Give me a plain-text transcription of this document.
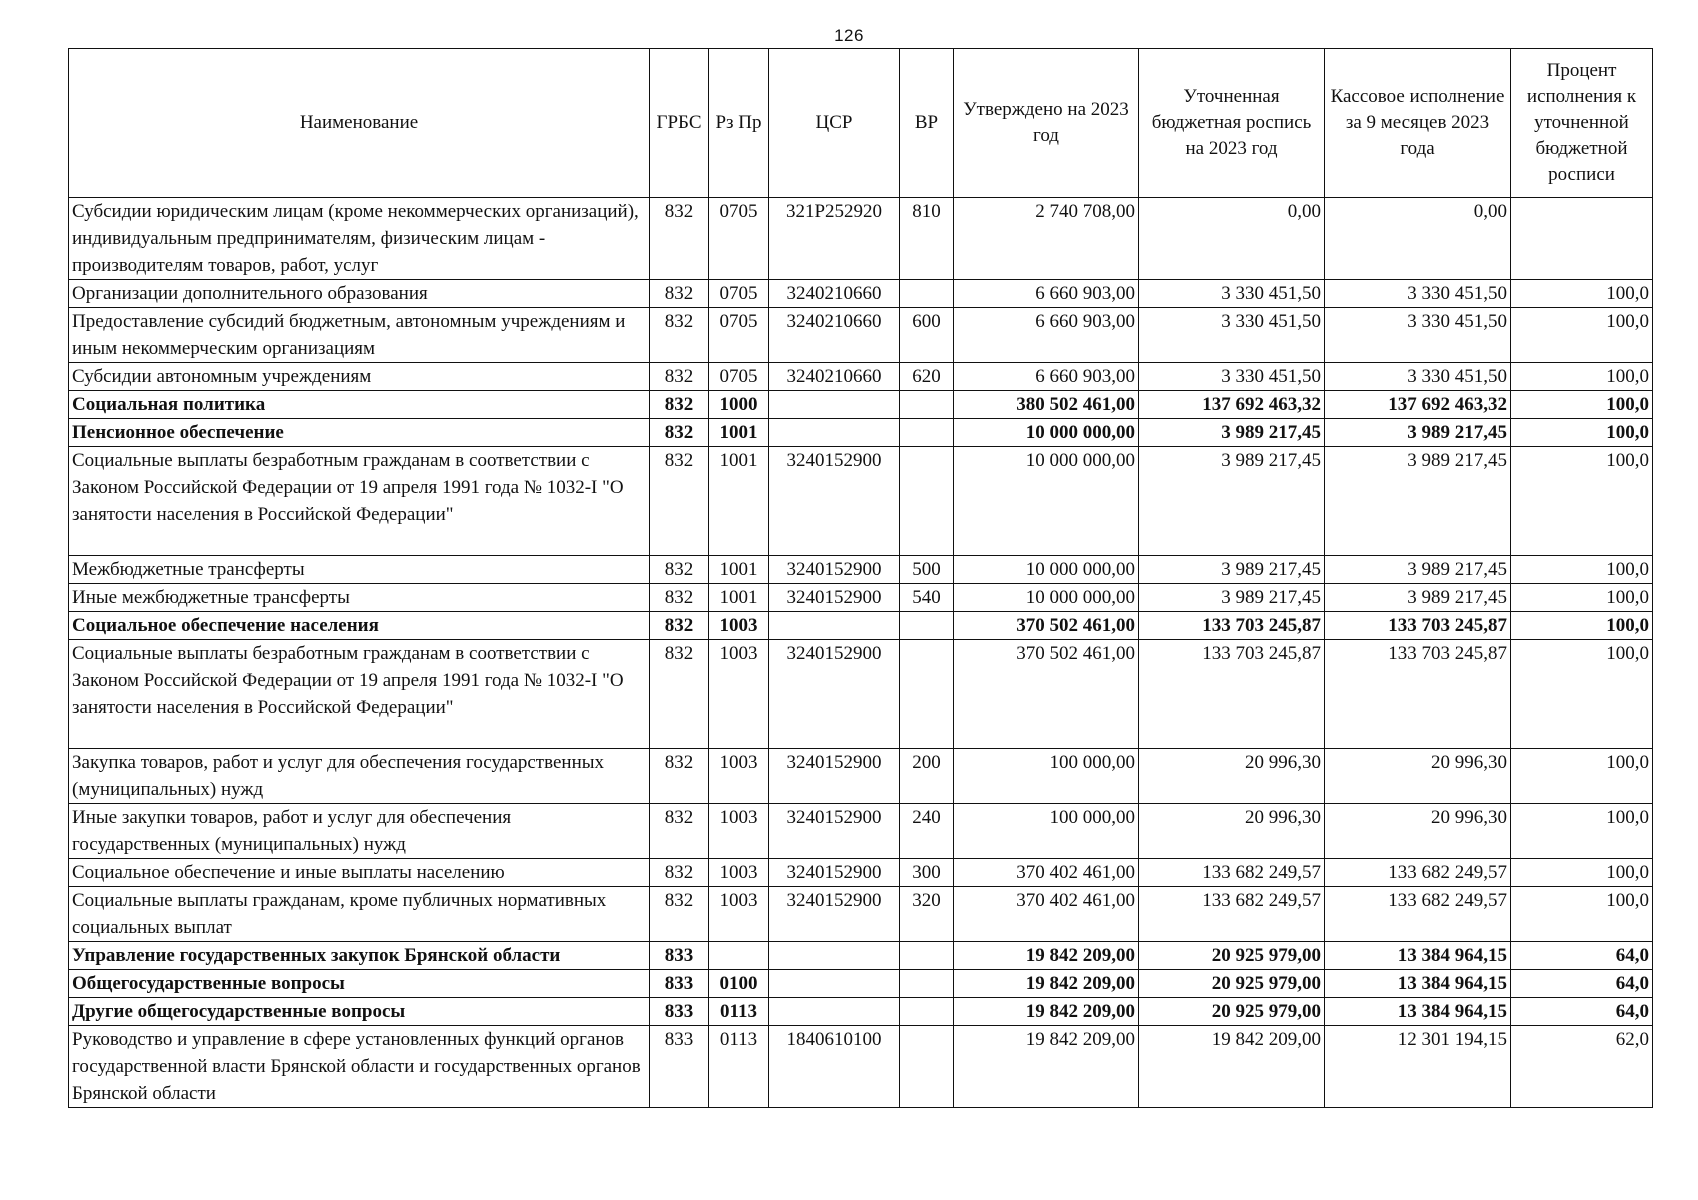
126
Наименование	ГРБС	Рз Пр	ЦСР	ВР	Утверждено на 2023 год	Уточненная бюджетная роспись на 2023 год	Кассовое исполнение за 9 месяцев 2023 года	Процент исполнения к уточненной бюджетной росписи
Субсидии юридическим лицам (кроме некоммерческих организаций), индивидуальным предпринимателям, физическим лицам - производителям товаров, работ, услуг	832	0705	321P252920	810	2 740 708,00	0,00	0,00	
Организации дополнительного образования	832	0705	3240210660		6 660 903,00	3 330 451,50	3 330 451,50	100,0
Предоставление субсидий бюджетным, автономным учреждениям и иным некоммерческим организациям	832	0705	3240210660	600	6 660 903,00	3 330 451,50	3 330 451,50	100,0
Субсидии автономным учреждениям	832	0705	3240210660	620	6 660 903,00	3 330 451,50	3 330 451,50	100,0
Социальная политика	832	1000			380 502 461,00	137 692 463,32	137 692 463,32	100,0
Пенсионное обеспечение	832	1001			10 000 000,00	3 989 217,45	3 989 217,45	100,0
Социальные выплаты безработным гражданам в соответствии с Законом Российской Федерации от 19 апреля 1991 года № 1032-I "О занятости населения в Российской Федерации"	832	1001	3240152900		10 000 000,00	3 989 217,45	3 989 217,45	100,0
Межбюджетные трансферты	832	1001	3240152900	500	10 000 000,00	3 989 217,45	3 989 217,45	100,0
Иные межбюджетные трансферты	832	1001	3240152900	540	10 000 000,00	3 989 217,45	3 989 217,45	100,0
Социальное обеспечение населения	832	1003			370 502 461,00	133 703 245,87	133 703 245,87	100,0
Социальные выплаты безработным гражданам в соответствии с Законом Российской Федерации от 19 апреля 1991 года № 1032-I "О занятости населения в Российской Федерации"	832	1003	3240152900		370 502 461,00	133 703 245,87	133 703 245,87	100,0
Закупка товаров, работ и услуг для обеспечения государственных (муниципальных) нужд	832	1003	3240152900	200	100 000,00	20 996,30	20 996,30	100,0
Иные закупки товаров, работ и услуг для обеспечения государственных (муниципальных) нужд	832	1003	3240152900	240	100 000,00	20 996,30	20 996,30	100,0
Социальное обеспечение и иные выплаты населению	832	1003	3240152900	300	370 402 461,00	133 682 249,57	133 682 249,57	100,0
Социальные выплаты гражданам, кроме публичных нормативных социальных выплат	832	1003	3240152900	320	370 402 461,00	133 682 249,57	133 682 249,57	100,0
Управление государственных закупок Брянской области	833				19 842 209,00	20 925 979,00	13 384 964,15	64,0
Общегосударственные вопросы	833	0100			19 842 209,00	20 925 979,00	13 384 964,15	64,0
Другие общегосударственные вопросы	833	0113			19 842 209,00	20 925 979,00	13 384 964,15	64,0
Руководство и управление в сфере установленных функций органов государственной власти Брянской области и государственных органов Брянской области	833	0113	1840610100		19 842 209,00	19 842 209,00	12 301 194,15	62,0
